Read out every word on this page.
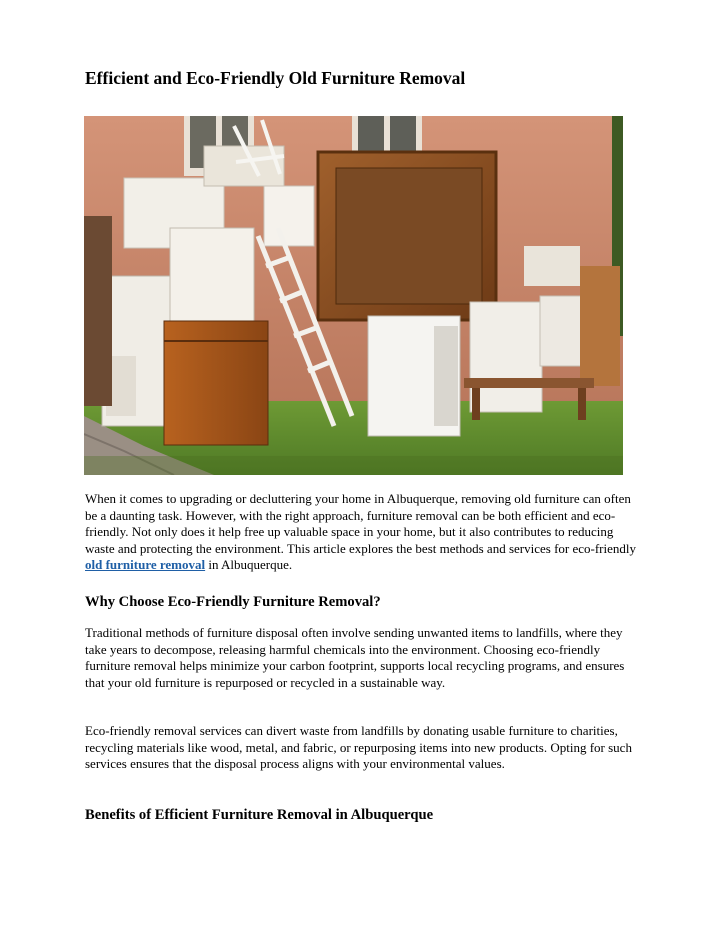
Efficient and Eco-Friendly Old Furniture Removal

When it comes to upgrading or decluttering your home in Albuquerque, removing old furniture can often be a daunting task. However, with the right approach, furniture removal can be both efficient and eco-friendly. Not only does it help free up valuable space in your home, but it also contributes to reducing waste and protecting the environment. This article explores the best methods and services for eco-friendly old furniture removal in Albuquerque.

Why Choose Eco-Friendly Furniture Removal?

Traditional methods of furniture disposal often involve sending unwanted items to landfills, where they take years to decompose, releasing harmful chemicals into the environment. Choosing eco-friendly furniture removal helps minimize your carbon footprint, supports local recycling programs, and ensures that your old furniture is repurposed or recycled in a sustainable way.

Eco-friendly removal services can divert waste from landfills by donating usable furniture to charities, recycling materials like wood, metal, and fabric, or repurposing items into new products. Opting for such services ensures that the disposal process aligns with your environmental values.

Benefits of Efficient Furniture Removal in Albuquerque
